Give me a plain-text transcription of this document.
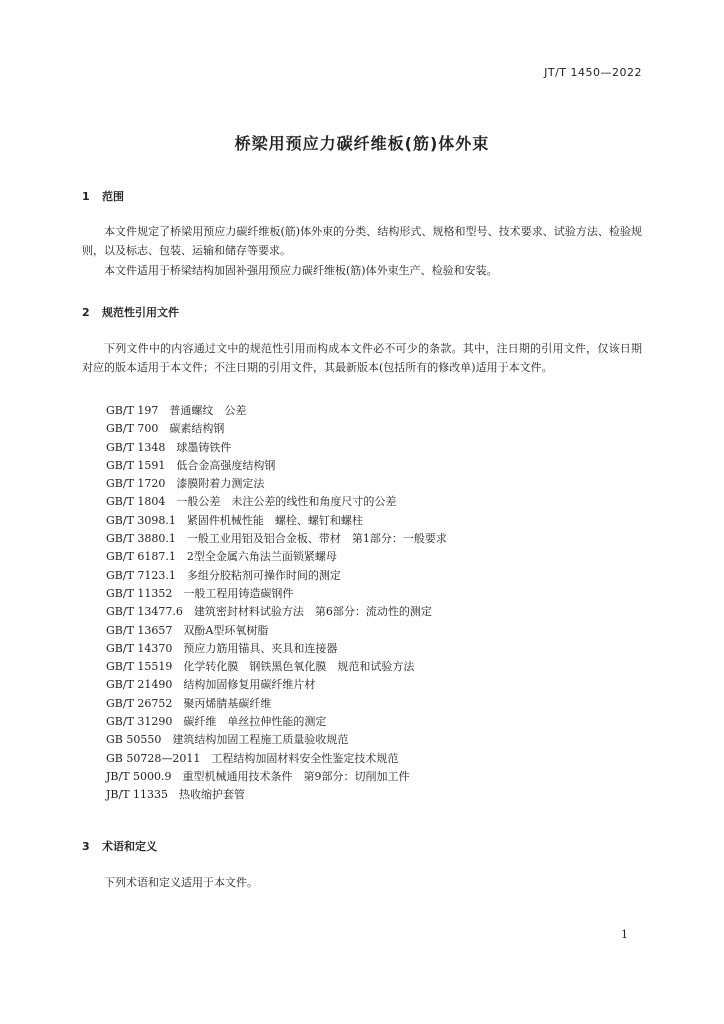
JT/T 1450—2022
桥梁用预应力碳纤维板(筋)体外束
1 范围

本文件规定了桥梁用预应力碳纤维板(筋)体外束的分类、结构形式、规格和型号、技术要求、试验方法、检验规则，以及标志、包装、运输和储存等要求。

本文件适用于桥梁结构加固补强用预应力碳纤维板(筋)体外束生产、检验和安装。

2 规范性引用文件

下列文件中的内容通过文中的规范性引用而构成本文件必不可少的条款。其中，注日期的引用文件，仅该日期对应的版本适用于本文件；不注日期的引用文件，其最新版本(包括所有的修改单)适用于本文件。

GB/T 197 普通螺纹　公差
GB/T 700 碳素结构钢
GB/T 1348 球墨铸铁件
GB/T 1591 低合金高强度结构钢
GB/T 1720 漆膜附着力测定法
GB/T 1804 一般公差　未注公差的线性和角度尺寸的公差
GB/T 3098.1 紧固件机械性能　螺栓、螺钉和螺柱
GB/T 3880.1 一般工业用铝及铝合金板、带材　第1部分：一般要求
GB/T 6187.1 2型全金属六角法兰面锁紧螺母
GB/T 7123.1 多组分胶粘剂可操作时间的测定
GB/T 11352 一般工程用铸造碳钢件
GB/T 13477.6 建筑密封材料试验方法　第6部分：流动性的测定
GB/T 13657 双酚A型环氧树脂
GB/T 14370 预应力筋用锚具、夹具和连接器
GB/T 15519 化学转化膜　钢铁黑色氧化膜　规范和试验方法
GB/T 21490 结构加固修复用碳纤维片材
GB/T 26752 聚丙烯腈基碳纤维
GB/T 31290 碳纤维　单丝拉伸性能的测定
GB 50550 建筑结构加固工程施工质量验收规范
GB 50728—2011 工程结构加固材料安全性鉴定技术规范
JB/T 5000.9 重型机械通用技术条件　第9部分：切削加工件
JB/T 11335 热收缩护套管
3 术语和定义

下列术语和定义适用于本文件。

1
